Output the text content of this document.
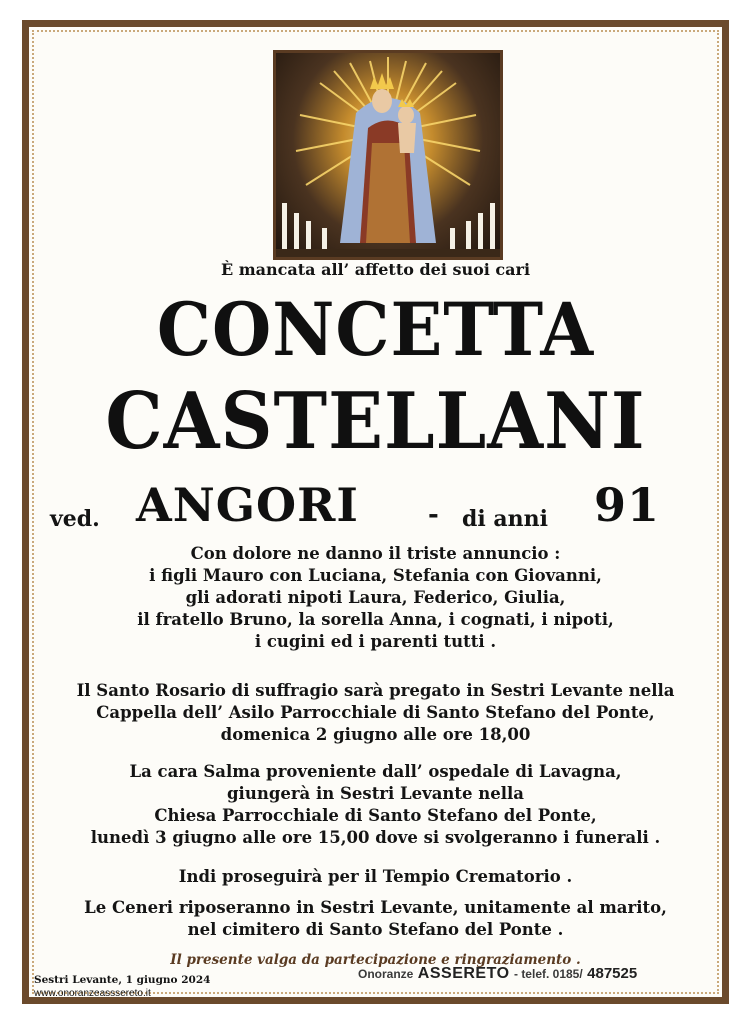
È mancata all’ affetto dei suoi cari
CONCETTA
CASTELLANI
ved. ANGORI	- di anni 91
Con dolore ne danno il triste annuncio :
i figli Mauro con Luciana, Stefania con Giovanni,
gli adorati nipoti Laura, Federico, Giulia,
il fratello Bruno, la sorella Anna, i cognati, i nipoti,
i cugini ed i parenti tutti .
Il Santo Rosario di suffragio sarà pregato in Sestri Levante nella
Cappella dell’ Asilo Parrocchiale di Santo Stefano del Ponte,
domenica 2 giugno alle ore 18,00
La cara Salma proveniente dall’ ospedale di Lavagna,
giungerà in Sestri Levante nella
Chiesa Parrocchiale di Santo Stefano del Ponte,
lunedì 3 giugno alle ore 15,00 dove si svolgeranno i funerali .
Indi proseguirà per il Tempio Crematorio .
Le Ceneri riposeranno in Sestri Levante, unitamente al marito,
nel cimitero di Santo Stefano del Ponte .
Il presente valga da partecipazione e ringraziamento .
Sestri Levante, 1 giugno 2024
www.onoranzeasssereto.it
Onoranze ASSERETO - telef. 0185/ 487525
